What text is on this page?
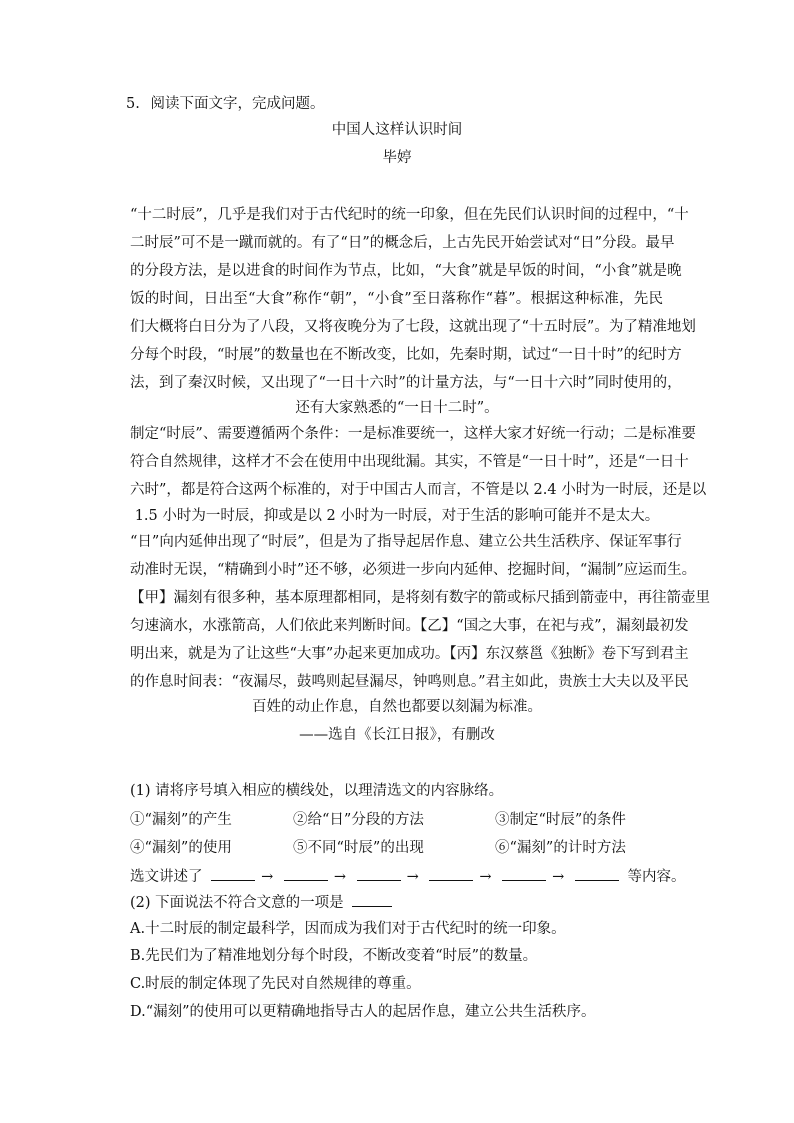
5. 阅读下面文字，完成问题。
中国人这样认识时间
毕婷
“十二时辰”，几乎是我们对于古代纪时的统一印象，但在先民们认识时间的过程中，“十
二时辰”可不是一蹴而就的。有了“日”的概念后，上古先民开始尝试对“日”分段。最早
的分段方法，是以进食的时间作为节点，比如，“大食”就是早饭的时间，“小食”就是晚
饭的时间，日出至“大食”称作“朝”，“小食”至日落称作“暮”。根据这种标准，先民
们大概将白日分为了八段，又将夜晚分为了七段，这就出现了“十五时辰”。为了精准地划
分每个时段，“时展”的数量也在不断改变，比如，先秦时期，试过“一日十时”的纪时方
法，到了秦汉时候，又出现了“一日十六时”的计量方法，与“一日十六时”同时使用的，
还有大家熟悉的“一日十二时”。
制定“时辰”、需要遵循两个条件：一是标准要统一，这样大家才好统一行动；二是标准要
符合自然规律，这样才不会在使用中出现纰漏。其实，不管是“一日十时”，还是“一日十
六时”，都是符合这两个标准的，对于中国古人而言，不管是以 2.4 小时为一时辰，还是以
1.5 小时为一时辰，抑或是以 2 小时为一时辰，对于生活的影响可能并不是太大。
“日”向内延伸出现了“时辰”，但是为了指导起居作息、建立公共生活秩序、保证军事行
动准时无误，“精确到小时”还不够，必须进一步向内延伸、挖掘时间，“漏制”应运而生。
【甲】漏刻有很多种，基本原理都相同，是将刻有数字的箭或标尺插到箭壶中，再往箭壶里
匀速滴水，水涨箭高，人们依此来判断时间。【乙】“国之大事，在祀与戎”，漏刻最初发
明出来，就是为了让这些“大事”办起来更加成功。【丙】东汉蔡邕《独断》卷下写到君主
的作息时间表：“夜漏尽，鼓鸣则起昼漏尽，钟鸣则息。”君主如此，贵族士大夫以及平民
百姓的动止作息，自然也都要以刻漏为标准。
——选自《长江日报》，有删改
(1) 请将序号填入相应的横线处，以理清选文的内容脉络。
①“漏刻”的产生	②给“日”分段的方法	③制定“时辰”的条件
④“漏刻”的使用	⑤不同“时辰”的出现	⑥“漏刻”的计时方法
选文讲述了	→	→	→	→	→	等内容。
(2) 下面说法不符合文意的一项是
A.十二时辰的制定最科学，因而成为我们对于古代纪时的统一印象。
B.先民们为了精准地划分每个时段，不断改变着“时辰”的数量。
C.时辰的制定体现了先民对自然规律的尊重。
D.“漏刻”的使用可以更精确地指导古人的起居作息，建立公共生活秩序。
